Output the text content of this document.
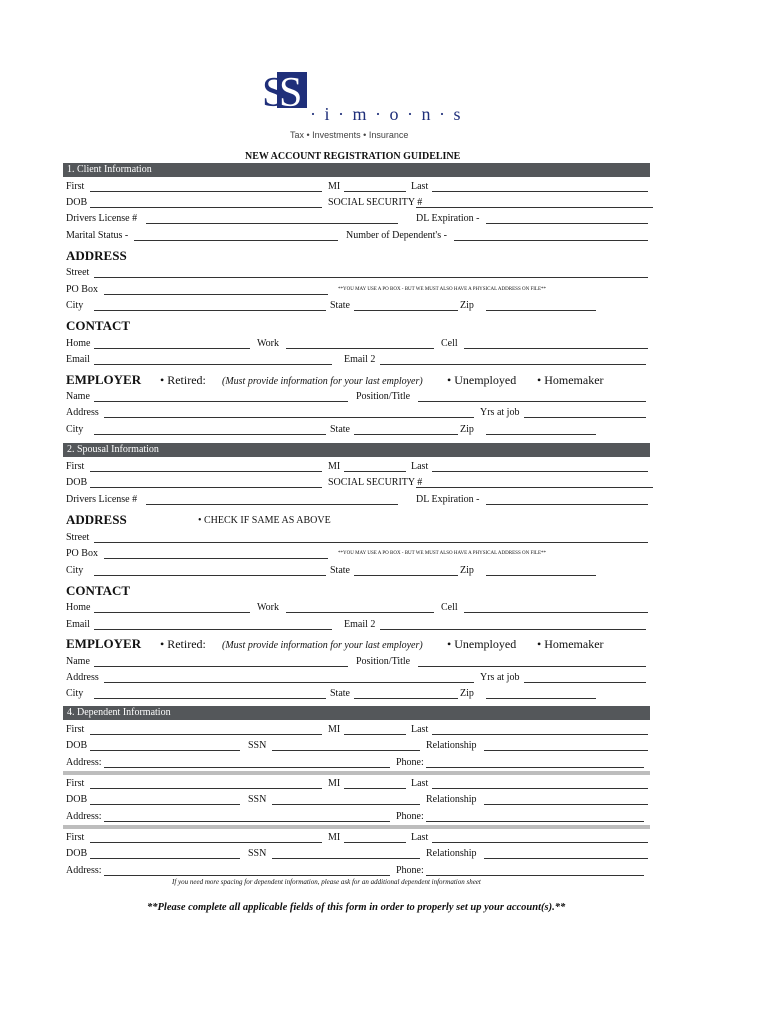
S
S · i · m · o · n · s
Tax • Investments • Insurance
NEW ACCOUNT REGISTRATION GUIDELINE
1. Client Information
First	MI	Last
DOB	SOCIAL SECURITY #
Drivers License #	DL Expiration -
Marital Status -	Number of Dependent's -
ADDRESS
Street
PO Box	**YOU MAY USE A PO BOX - BUT WE MUST ALSO HAVE A PHYSICAL ADDRESS ON FILE**
City	State	Zip
CONTACT
Home	Work	Cell
Email	Email 2
EMPLOYER • Retired: (Must provide information for your last employer) • Unemployed • Homemaker
Name	Position/Title
Address	Yrs at job
City	State	Zip
2. Spousal Information
First	MI	Last
DOB	SOCIAL SECURITY #
Drivers License #	DL Expiration -
ADDRESS	• CHECK IF SAME AS ABOVE
Street
PO Box	**YOU MAY USE A PO BOX - BUT WE MUST ALSO HAVE A PHYSICAL ADDRESS ON FILE**
City	State	Zip
CONTACT
Home	Work	Cell
Email	Email 2
EMPLOYER • Retired: (Must provide information for your last employer) • Unemployed • Homemaker
Name	Position/Title
Address	Yrs at job
City	State	Zip
4. Dependent Information
First	MI	Last
DOB	SSN	Relationship
Address:	Phone:
First	MI	Last
DOB	SSN	Relationship
Address:	Phone:
First	MI	Last
DOB	SSN	Relationship
Address:	Phone:
If you need more spacing for dependent information, please ask for an additional dependent information sheet
**Please complete all applicable fields of this form in order to properly set up your account(s).**
